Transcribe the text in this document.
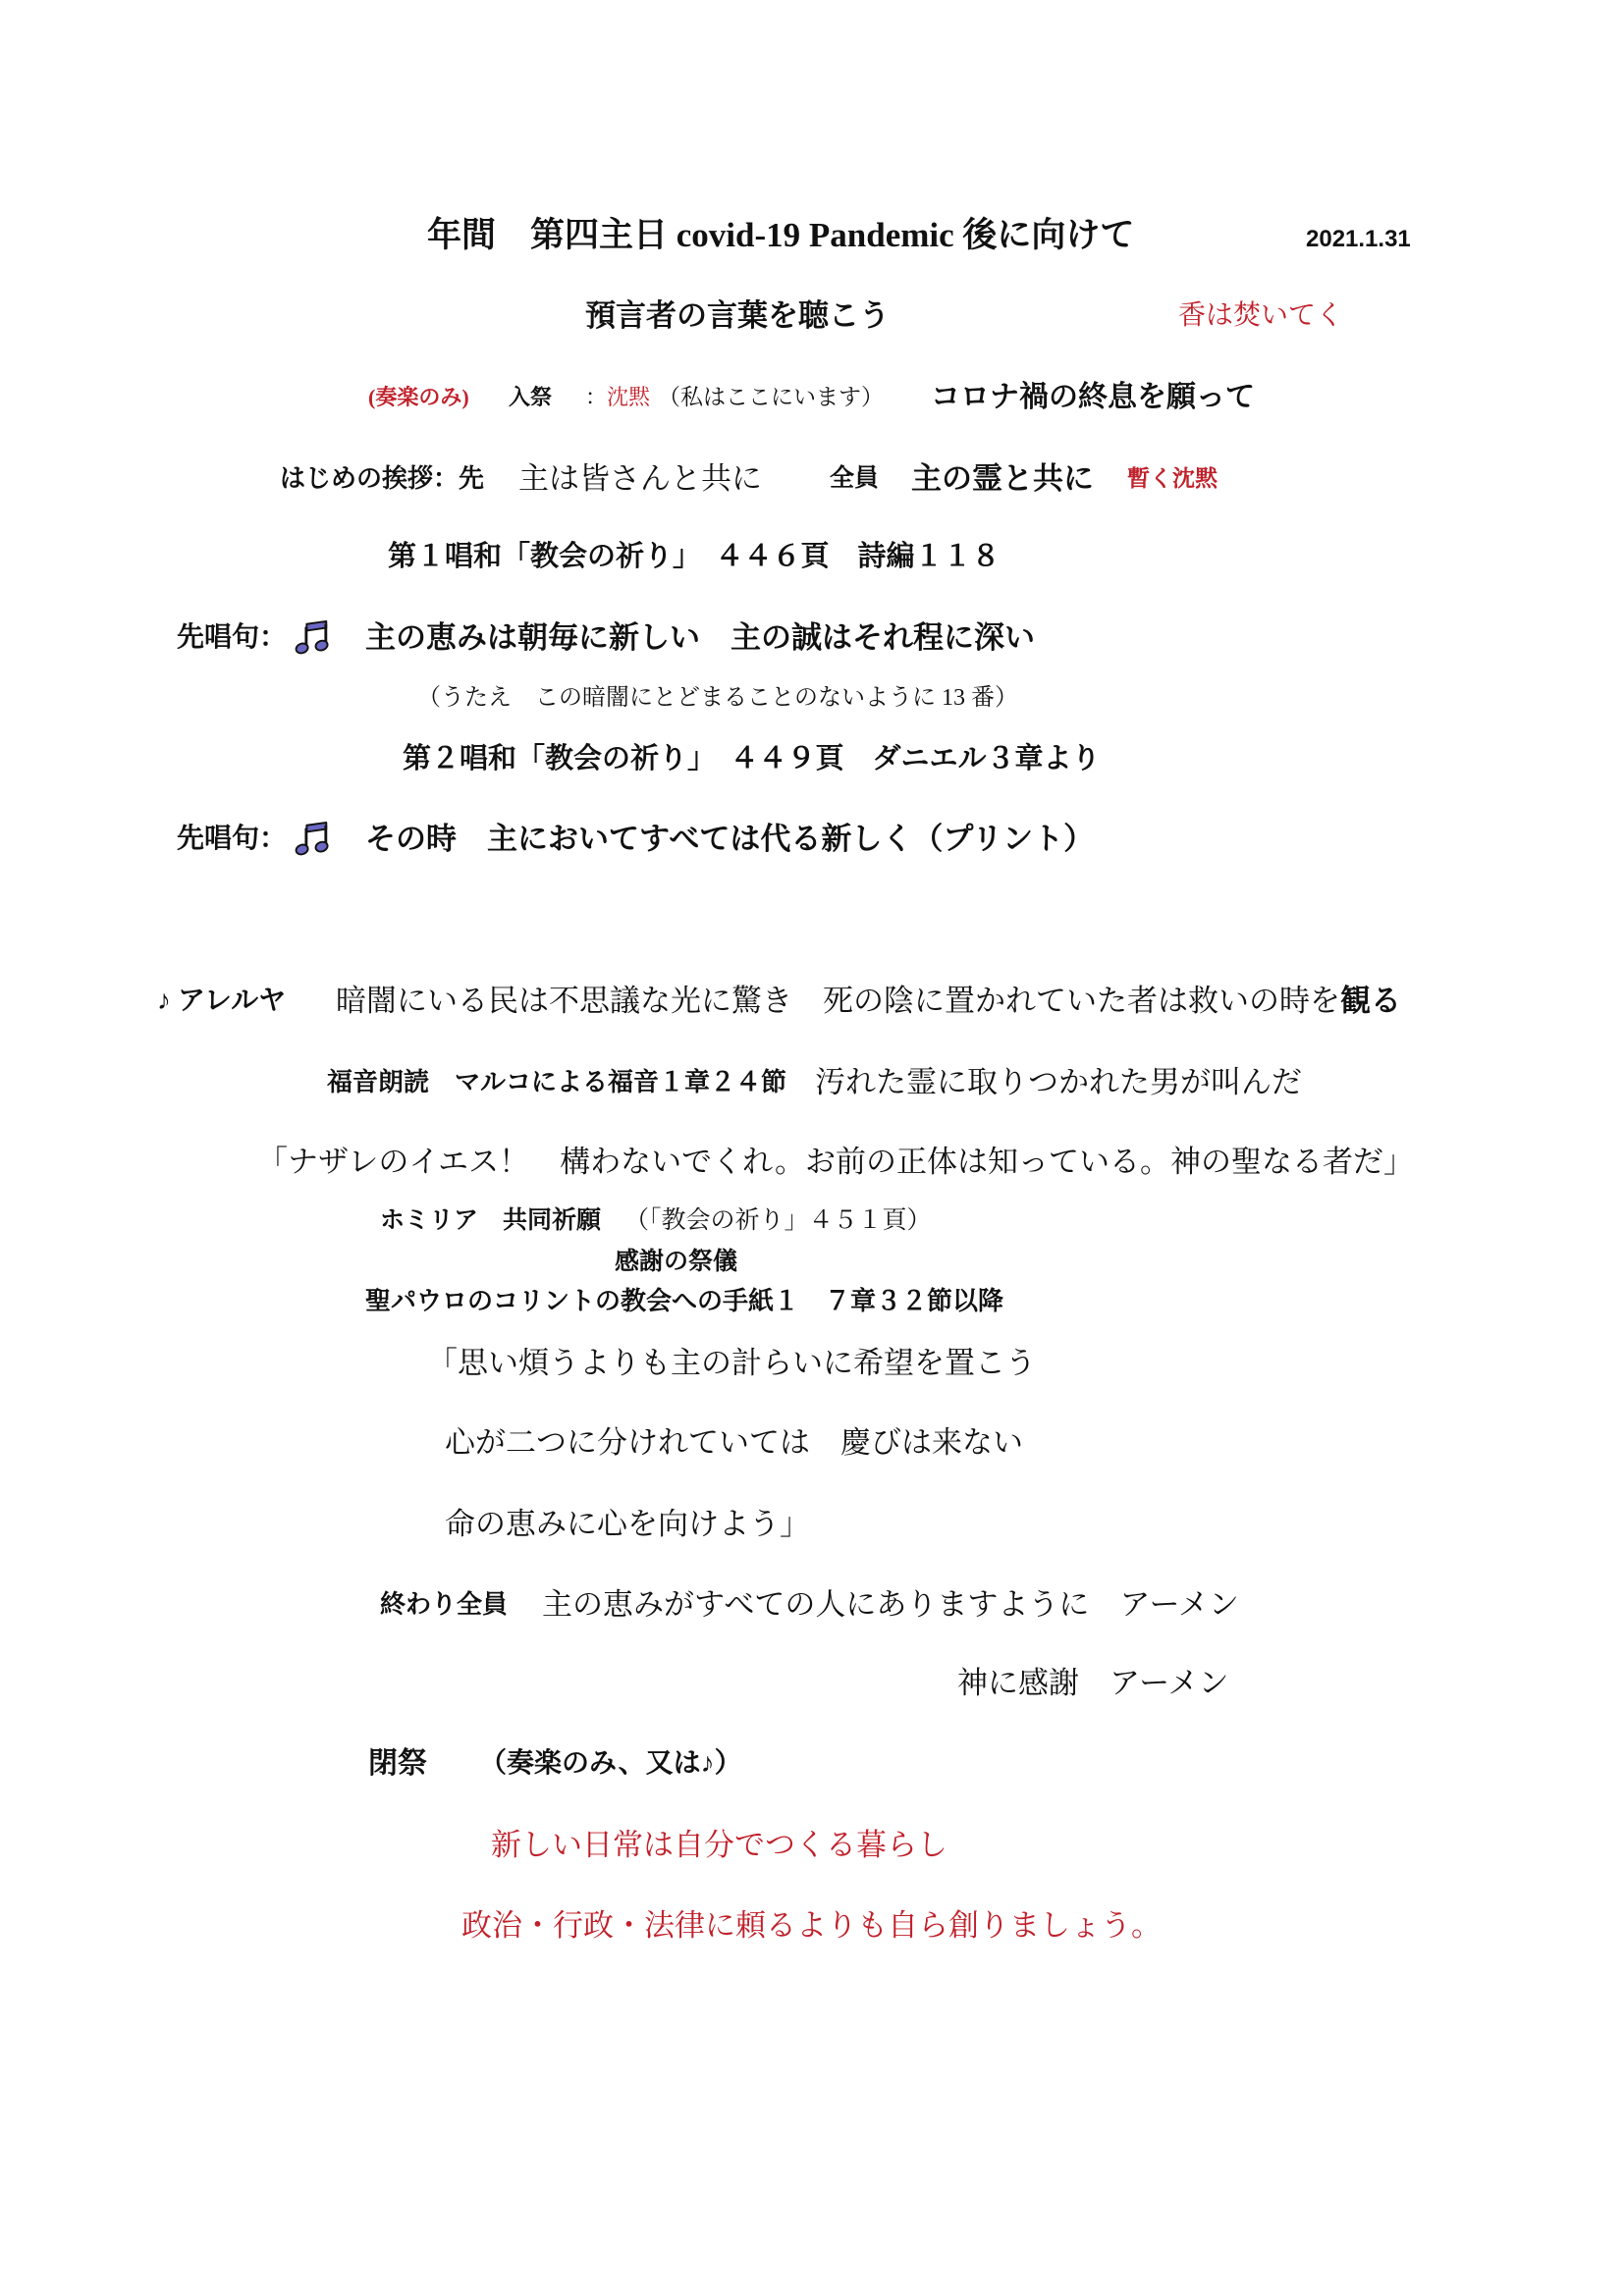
年間　第四主日 covid-19 Pandemic 後に向けて	2021.1.31
預言者の言葉を聴こう	香は焚いてく
(奏楽のみ) 入祭 ：沈黙 （私はここにいます） コロナ禍の終息を願って
はじめの挨拶：先 主は皆さんと共に	全員 主の霊と共に 暫く沈黙
第１唱和「教会の祈り」　４４６頁　詩編１１８
先唱句：	主の恵みは朝毎に新しい　主の誠はそれ程に深い
（うたえ　この暗闇にとどまることのないように 13 番）
第２唱和「教会の祈り」　４４９頁　ダニエル３章より
先唱句：	その時　主においてすべては代る新しく（プリント）
♪ アレルヤ 暗闇にいる民は不思議な光に驚き　死の陰に置かれていた者は救いの時を観る
福音朗読　マルコによる福音１章２４節 汚れた霊に取りつかれた男が叫んだ
「ナザレのイエス！　構わないでくれ。お前の正体は知っている。神の聖なる者だ」
ホミリア　共同祈願 （「教会の祈り」４５１頁）
感謝の祭儀
聖パウロのコリントの教会への手紙１　７章３２節以降
「思い煩うよりも主の計らいに希望を置こう
心が二つに分けれていては　慶びは来ない
命の恵みに心を向けよう」
終わり全員 主の恵みがすべての人にありますように　アーメン
神に感謝　アーメン
閉祭 （奏楽のみ、又は♪）
新しい日常は自分でつくる暮らし
政治・行政・法律に頼るよりも自ら創りましょう。
